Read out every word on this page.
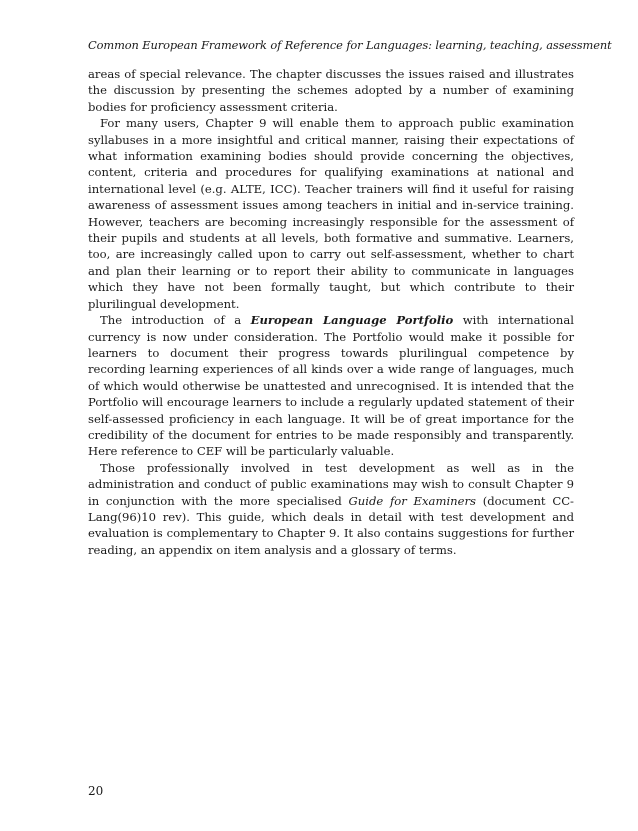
Common European Framework of Reference for Languages: learning, teaching, assessment

areas of special relevance. The chapter discusses the issues raised and illustrates the discussion by presenting the schemes adopted by a number of examining bodies for proficiency assessment criteria.

For many users, Chapter 9 will enable them to approach public examination syllabuses in a more insightful and critical manner, raising their expectations of what information examining bodies should provide concerning the objectives, content, criteria and procedures for qualifying examinations at national and international level (e.g. ALTE, ICC). Teacher trainers will find it useful for raising awareness of assessment issues among teachers in initial and in-service training. However, teachers are becoming increasingly responsible for the assessment of their pupils and students at all levels, both formative and summative. Learners, too, are increasingly called upon to carry out self-assessment, whether to chart and plan their learning or to report their ability to communicate in languages which they have not been formally taught, but which contribute to their plurilingual development.

The introduction of a European Language Portfolio with international currency is now under consideration. The Portfolio would make it possible for learners to document their progress towards plurilingual competence by recording learning experiences of all kinds over a wide range of languages, much of which would otherwise be unattested and unrecognised. It is intended that the Portfolio will encourage learners to include a regularly updated statement of their self-assessed proficiency in each language. It will be of great importance for the credibility of the document for entries to be made responsibly and transparently. Here reference to CEF will be particularly valuable.

Those professionally involved in test development as well as in the administration and conduct of public examinations may wish to consult Chapter 9 in conjunction with the more specialised Guide for Examiners (document CC-Lang(96)10 rev). This guide, which deals in detail with test development and evaluation is complementary to Chapter 9. It also contains suggestions for further reading, an appendix on item analysis and a glossary of terms.

20
